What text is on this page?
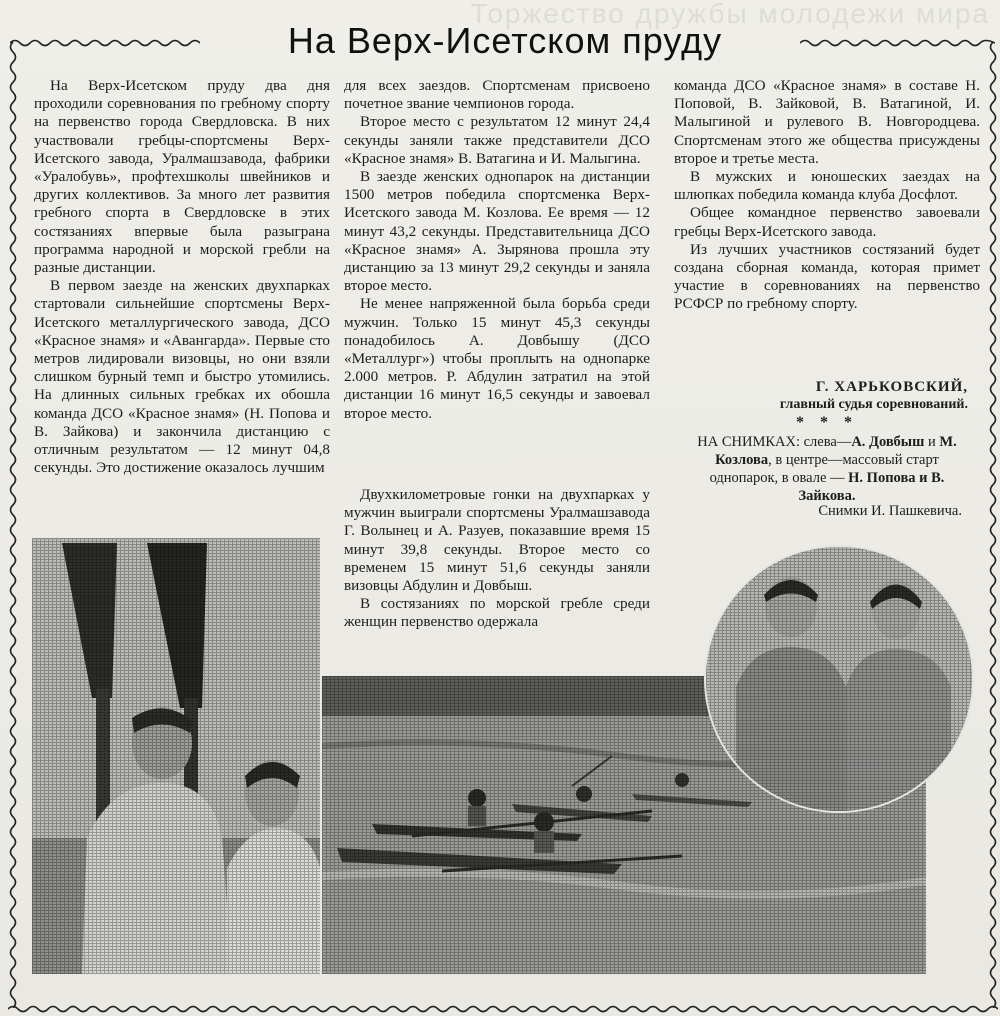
Торжество дружбы молодежи мира
На Верх-Исетском пруду

На Верх-Исетском пруду два дня проходили соревнования по гребному спорту на первенство города Свердловска. В них участвовали гребцы-спортсмены Верх-Исетского завода, Уралмашзавода, фабрики «Уралобувь», профтехшколы швейников и других коллективов. За много лет развития гребного спорта в Свердловске в этих состязаниях впервые была разыграна программа народной и морской гребли на разные дистанции.

В первом заезде на женских двухпарках стартовали сильнейшие спортсмены Верх-Исетского металлургического завода, ДСО «Красное знамя» и «Авангарда». Первые сто метров лидировали визовцы, но они взяли слишком бурный темп и быстро утомились. На длинных сильных гребках их обошла команда ДСО «Красное знамя» (Н. Попова и В. Зайкова) и закончила дистанцию с отличным результатом — 12 минут 04,8 секунды. Это достижение оказалось лучшим

для всех заездов. Спортсменам присвоено почетное звание чемпионов города.

Второе место с результатом 12 минут 24,4 секунды заняли также представители ДСО «Красное знамя» В. Ватагина и И. Малыгина.

В заезде женских однопарок на дистанции 1500 метров победила спортсменка Верх-Исетского завода М. Козлова. Ее время — 12 минут 43,2 секунды. Представительница ДСО «Красное знамя» А. Зырянова прошла эту дистанцию за 13 минут 29,2 секунды и заняла второе место.

Не менее напряженной была борьба среди мужчин. Только 15 минут 45,3 секунды понадобилось А. Довбышу (ДСО «Металлург») чтобы проплыть на однопарке 2.000 метров. Р. Абдулин затратил на этой дистанции 16 минут 16,5 секунды и завоевал второе место.

Двухкилометровые гонки на двухпарках у мужчин выиграли спортсмены Уралмашзавода Г. Волынец и А. Разуев, показавшие время 15 минут 39,8 секунды. Второе место со временем 15 минут 51,6 секунды заняли визовцы Абдулин и Довбыш.

В состязаниях по морской гребле среди женщин первенство одержала

команда ДСО «Красное знамя» в составе Н. Поповой, В. Зайковой, В. Ватагиной, И. Малыгиной и рулевого В. Новгородцева. Спортсменам этого же общества присуждены второе и третье места.

В мужских и юношеских заездах на шлюпках победила команда клуба Досфлот.

Общее командное первенство завоевали гребцы Верх-Исетского завода.

Из лучших участников состязаний будет создана сборная команда, которая примет участие в соревнованиях на первенство РСФСР по гребному спорту.

Г. ХАРЬКОВСКИЙ,
главный судья соревнований.
* * *
НА СНИМКАХ: слева—А. Довбыш и М. Козлова, в центре—массовый старт однопарок, в овале — Н. Попова и В. Зайкова.
Снимки И. Пашкевича.
